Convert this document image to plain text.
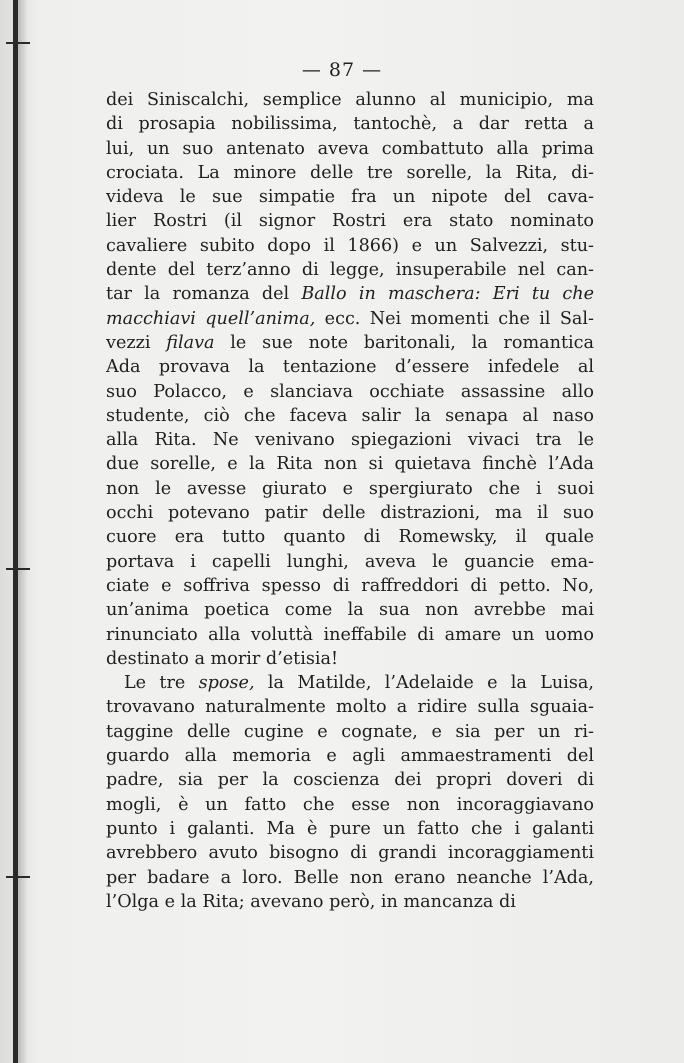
— 87 —
dei Siniscalchi, semplice alunno al municipio, ma
di prosapia nobilissima, tantochè, a dar retta a
lui, un suo antenato aveva combattuto alla prima
crociata. La minore delle tre sorelle, la Rita, di-
videva le sue simpatie fra un nipote del cava-
lier Rostri (il signor Rostri era stato nominato
cavaliere subito dopo il 1866) e un Salvezzi, stu-
dente del terz’anno di legge, insuperabile nel can-
tar la romanza del Ballo in maschera: Eri tu che
macchiavi quell’anima, ecc. Nei momenti che il Sal-
vezzi filava le sue note baritonali, la romantica
Ada provava la tentazione d’essere infedele al
suo Polacco, e slanciava occhiate assassine allo
studente, ciò che faceva salir la senapa al naso
alla Rita. Ne venivano spiegazioni vivaci tra le
due sorelle, e la Rita non si quietava finchè l’Ada
non le avesse giurato e spergiurato che i suoi
occhi potevano patir delle distrazioni, ma il suo
cuore era tutto quanto di Romewsky, il quale
portava i capelli lunghi, aveva le guancie ema-
ciate e soffriva spesso di raffreddori di petto. No,
un’anima poetica come la sua non avrebbe mai
rinunciato alla voluttà ineffabile di amare un uomo
destinato a morir d’etisia!
Le tre spose, la Matilde, l’Adelaide e la Luisa,
trovavano naturalmente molto a ridire sulla sguaia-
taggine delle cugine e cognate, e sia per un ri-
guardo alla memoria e agli ammaestramenti del
padre, sia per la coscienza dei propri doveri di
mogli, è un fatto che esse non incoraggiavano
punto i galanti. Ma è pure un fatto che i galanti
avrebbero avuto bisogno di grandi incoraggiamenti
per badare a loro. Belle non erano neanche l’Ada,
l’Olga e la Rita; avevano però, in mancanza di
